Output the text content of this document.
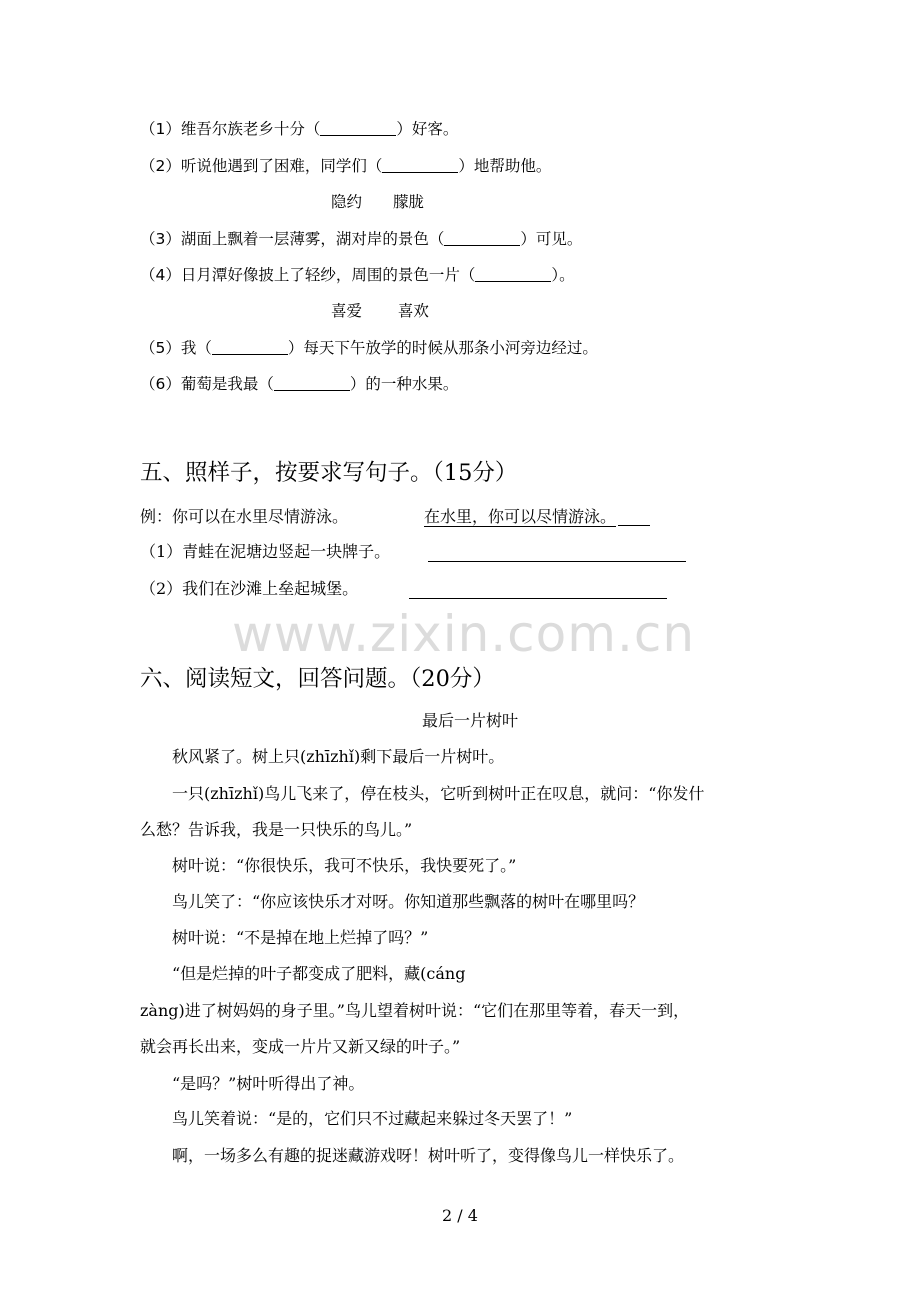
（1）维吾尔族老乡十分（	）好客。
（2）听说他遇到了困难，同学们（	）地帮助他。
隐约　　朦胧
（3）湖面上飘着一层薄雾，湖对岸的景色（	）可见。
（4）日月潭好像披上了轻纱，周围的景色一片（	）。
喜爱　　 喜欢
（5）我（	）每天下午放学的时候从那条小河旁边经过。
（6）葡萄是我最（	）的一种水果。
五、照样子，按要求写句子。（15分）
例：你可以在水里尽情游泳。	在水里，你可以尽情游泳。
（1）青蛙在泥塘边竖起一块牌子。
（2）我们在沙滩上垒起城堡。
www.zixin.com.cn
六、阅读短文，回答问题。（20分）
最后一片树叶
秋风紧了。树上只(zhīzhǐ)剩下最后一片树叶。
一只(zhīzhǐ)鸟儿飞来了，停在枝头，它听到树叶正在叹息，就问：“你发什
么愁？告诉我，我是一只快乐的鸟儿。”
树叶说：“你很快乐，我可不快乐，我快要死了。”
鸟儿笑了：“你应该快乐才对呀。你知道那些飘落的树叶在哪里吗？
树叶说：“不是掉在地上烂掉了吗？”
“但是烂掉的叶子都变成了肥料，藏(cáng
zàng)进了树妈妈的身子里。”鸟儿望着树叶说：“它们在那里等着，春天一到，
就会再长出来，变成一片片又新又绿的叶子。”
“是吗？”树叶听得出了神。
鸟儿笑着说：“是的，它们只不过藏起来躲过冬天罢了！”
啊，一场多么有趣的捉迷藏游戏呀！树叶听了，变得像鸟儿一样快乐了。
2 / 4
